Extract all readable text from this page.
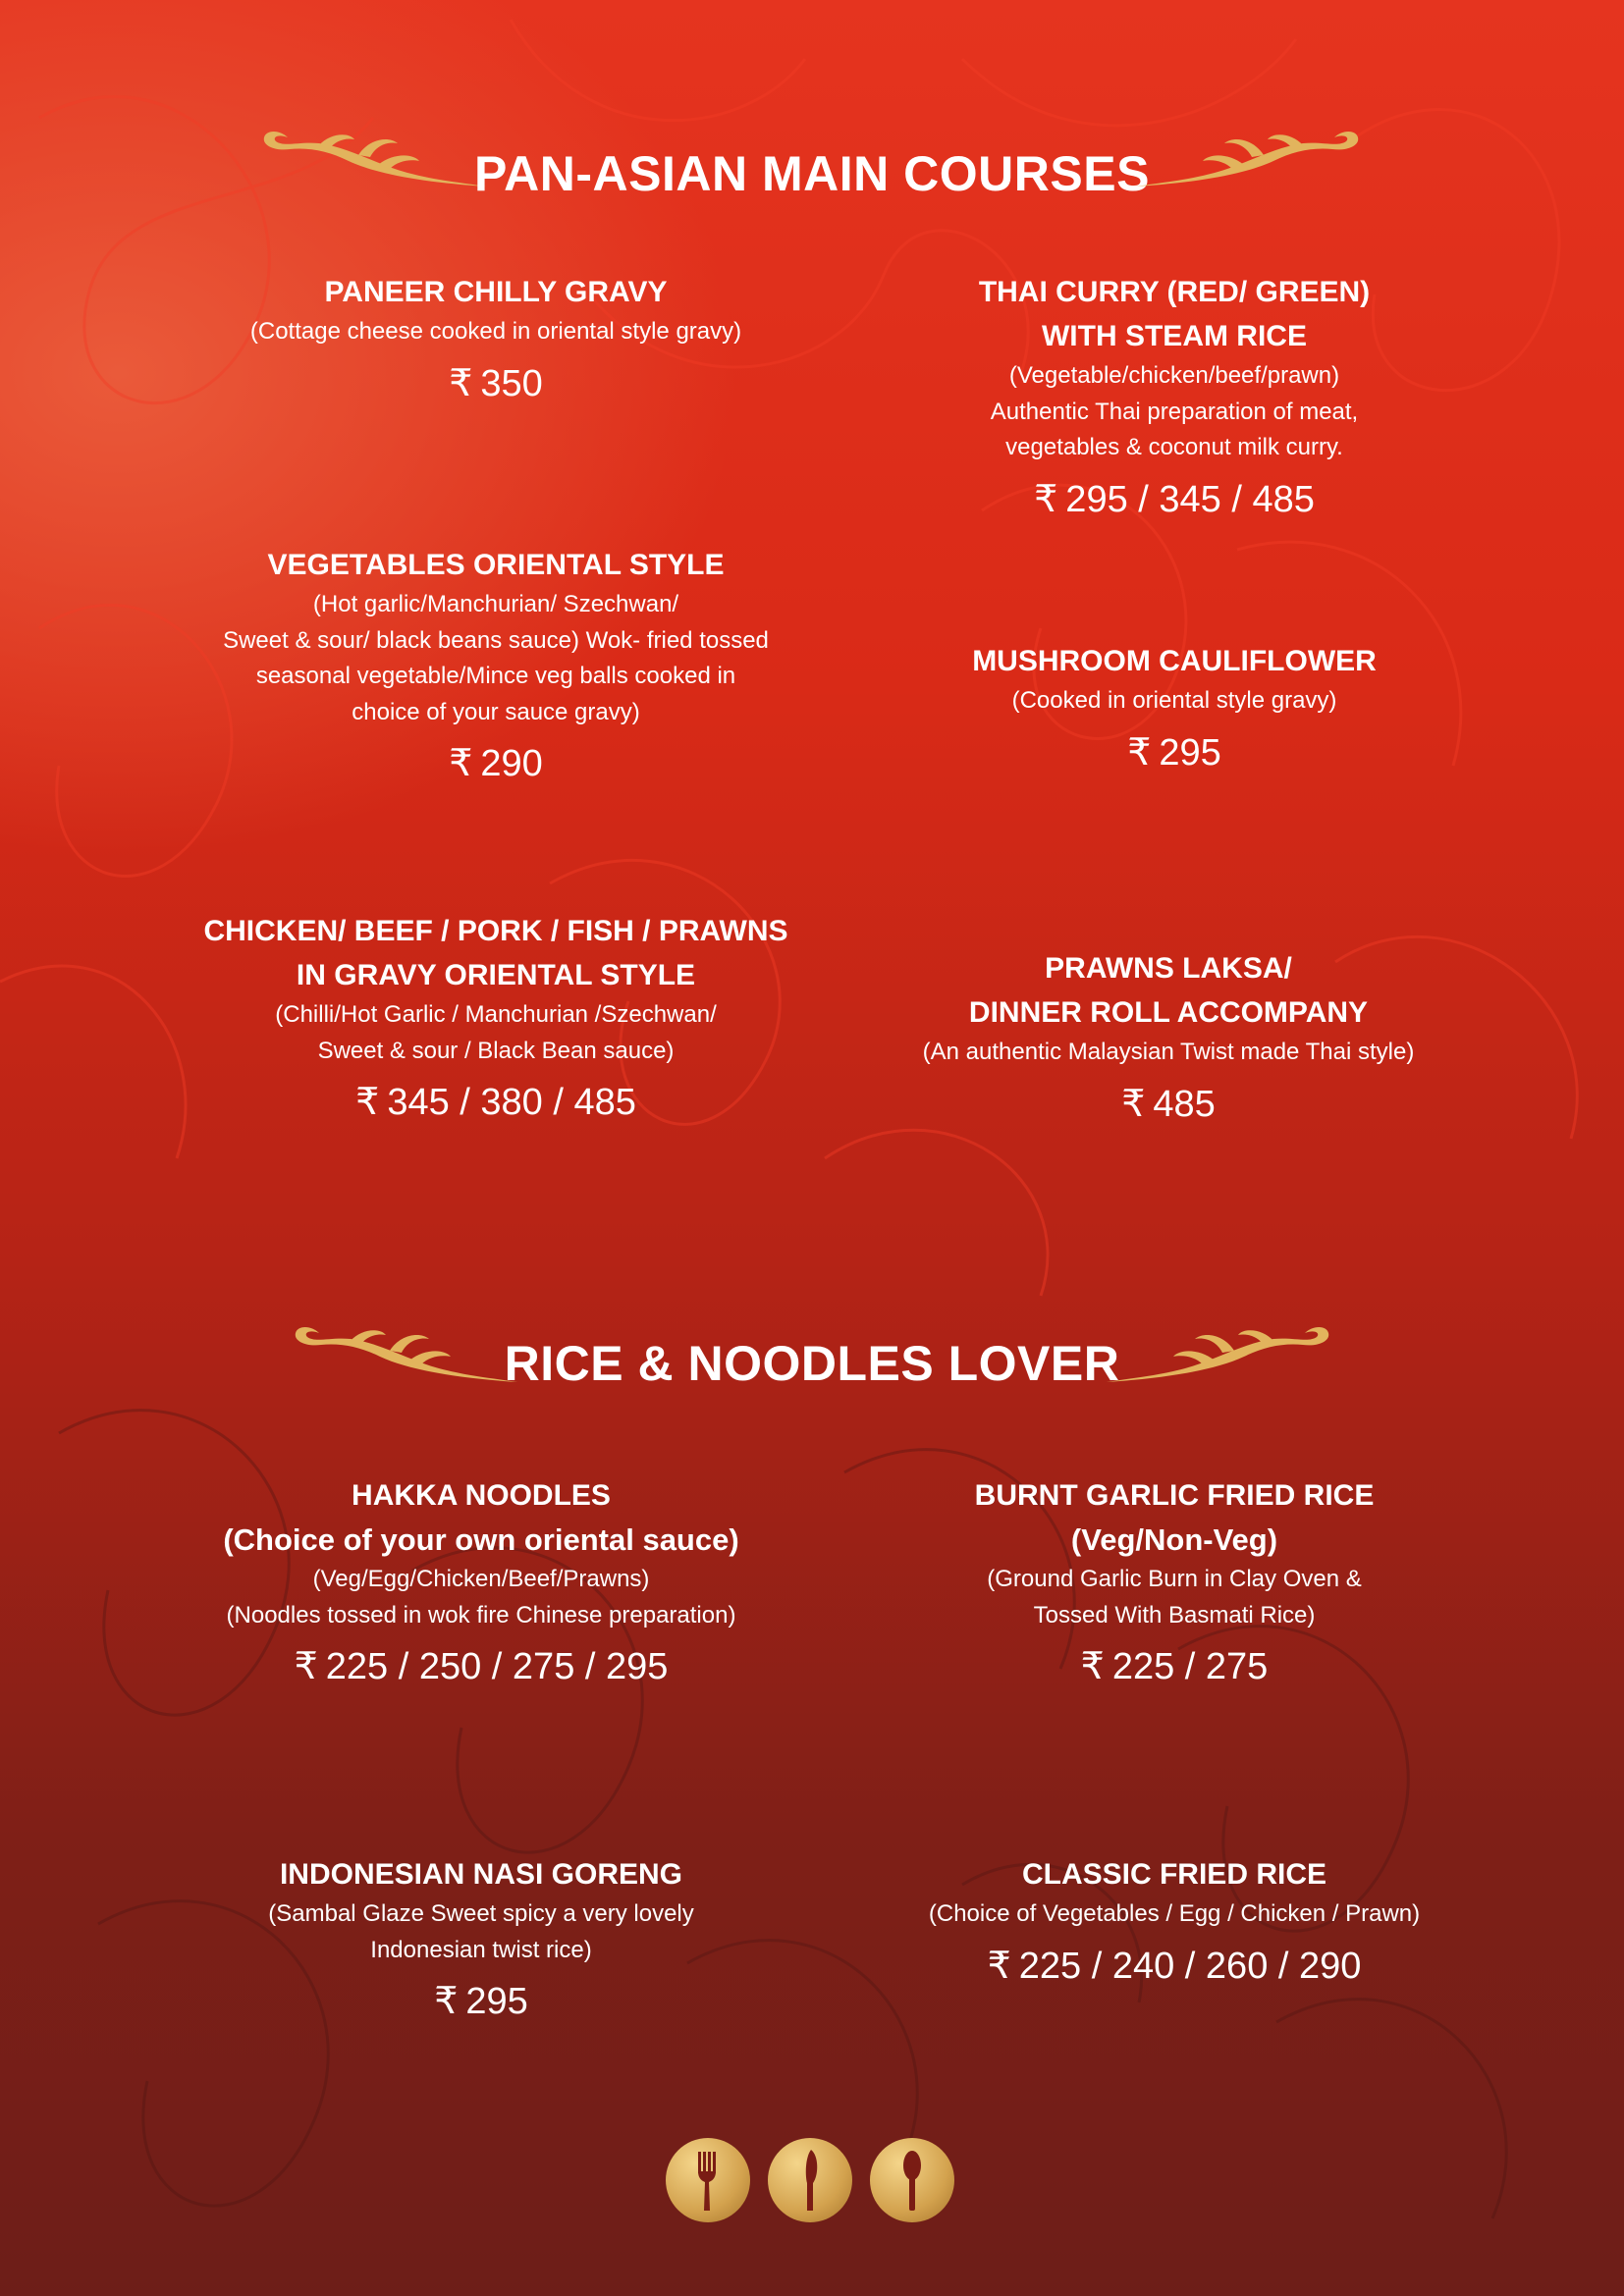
PAN-ASIAN MAIN COURSES
PANEER CHILLY GRAVY
(Cottage cheese cooked in oriental style gravy)
₹ 350
THAI CURRY (RED/ GREEN)
WITH STEAM RICE
(Vegetable/chicken/beef/prawn)
Authentic Thai preparation of meat,
vegetables & coconut milk curry.
₹ 295 / 345 / 485
VEGETABLES ORIENTAL STYLE
(Hot garlic/Manchurian/ Szechwan/
Sweet & sour/ black beans sauce) Wok- fried tossed
seasonal vegetable/Mince veg balls cooked in
choice of your sauce gravy)
₹ 290
MUSHROOM CAULIFLOWER
(Cooked in oriental style gravy)
₹ 295
CHICKEN/ BEEF / PORK / FISH / PRAWNS
IN GRAVY ORIENTAL STYLE
(Chilli/Hot Garlic / Manchurian /Szechwan/
Sweet & sour / Black Bean sauce)
₹ 345 / 380 / 485
PRAWNS LAKSA/
DINNER ROLL ACCOMPANY
(An authentic Malaysian Twist made Thai style)
₹ 485
RICE & NOODLES LOVER
HAKKA NOODLES
(Choice of your own oriental sauce)
(Veg/Egg/Chicken/Beef/Prawns)
(Noodles tossed in wok fire Chinese preparation)
₹ 225 / 250 / 275 / 295
BURNT GARLIC FRIED RICE
(Veg/Non-Veg)
(Ground Garlic Burn in Clay Oven &
Tossed With Basmati Rice)
₹ 225 / 275
INDONESIAN NASI GORENG
(Sambal Glaze Sweet spicy a very lovely
Indonesian twist rice)
₹ 295
CLASSIC FRIED RICE
(Choice of Vegetables / Egg / Chicken / Prawn)
₹ 225 / 240 / 260 / 290
